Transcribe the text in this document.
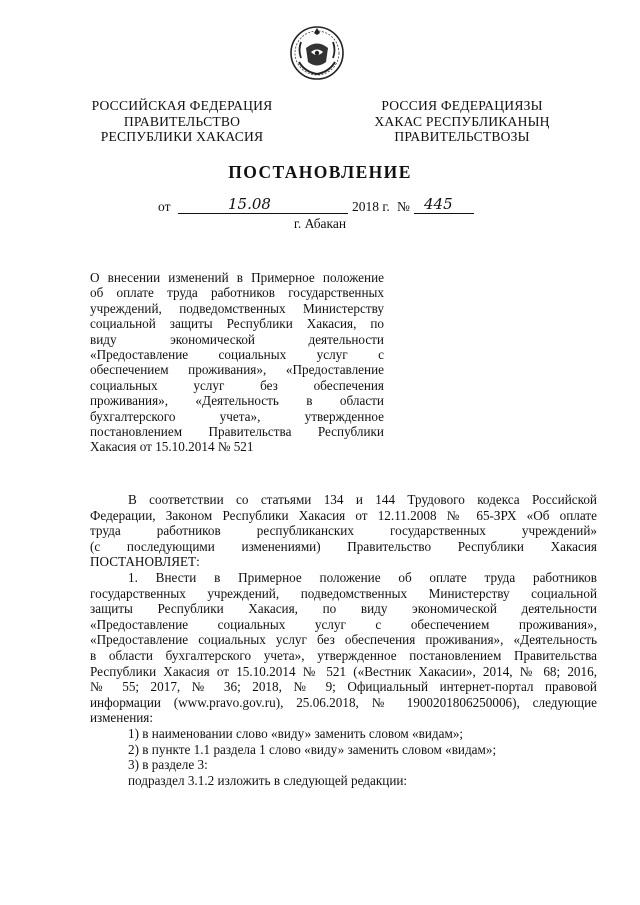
РОССИЙСКАЯ ФЕДЕРАЦИЯ
ПРАВИТЕЛЬСТВО
РЕСПУБЛИКИ ХАКАСИЯ
РОССИЯ ФЕДЕРАЦИЯЗЫ
ХАКАС РЕСПУБЛИКАНЫҢ
ПРАВИТЕЛЬСТВОЗЫ
ПОСТАНОВЛЕНИЕ
от	15.08	2018 г. № 445
г. Абакан
О внесении изменений в Примерное положение
об оплате труда работников государственных
учреждений, подведомственных Министерству
социальной защиты Республики Хакасия, по
виду экономической деятельности
«Предоставление социальных услуг с
обеспечением проживания», «Предоставление
социальных услуг без обеспечения
проживания», «Деятельность в области
бухгалтерского учета», утвержденное
постановлением Правительства Республики
Хакасия от 15.10.2014 № 521
В соответствии со статьями 134 и 144 Трудового кодекса Российской
Федерации, Законом Республики Хакасия от 12.11.2008 № 65-ЗРХ «Об оплате
труда работников республиканских государственных учреждений»
(с последующими изменениями) Правительство Республики Хакасия
ПОСТАНОВЛЯЕТ:
1. Внести в Примерное положение об оплате труда работников
государственных учреждений, подведомственных Министерству социальной
защиты Республики Хакасия, по виду экономической деятельности
«Предоставление социальных услуг с обеспечением проживания»,
«Предоставление социальных услуг без обеспечения проживания», «Деятельность
в области бухгалтерского учета», утвержденное постановлением Правительства
Республики Хакасия от 15.10.2014 № 521 («Вестник Хакасии», 2014, № 68; 2016,
№ 55; 2017, № 36; 2018, № 9; Официальный интернет-портал правовой
информации (www.pravo.gov.ru), 25.06.2018, № 1900201806250006), следующие
изменения:
1) в наименовании слово «виду» заменить словом «видам»;
2) в пункте 1.1 раздела 1 слово «виду» заменить словом «видам»;
3) в разделе 3:
подраздел 3.1.2 изложить в следующей редакции:
